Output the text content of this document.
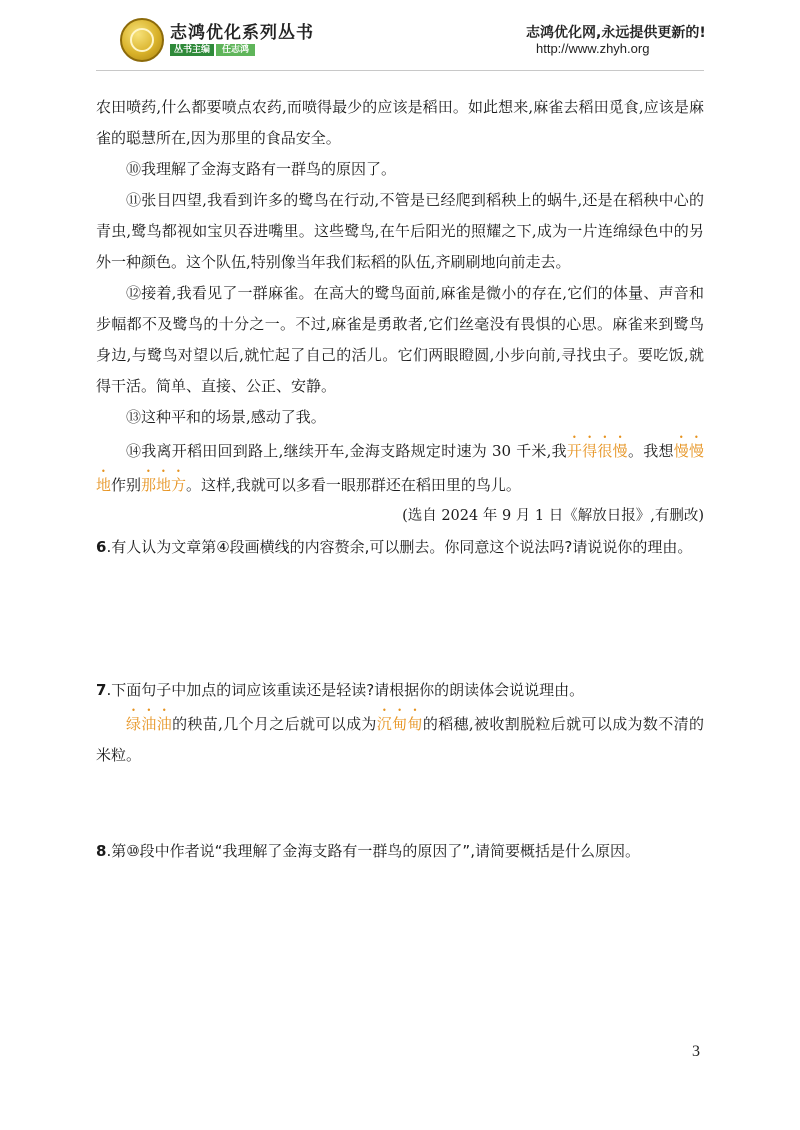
志鸿优化系列丛书
丛书主编 任志鸿
志鸿优化网,永远提供更新的!
http://www.zhyh.org

农田喷药,什么都要喷点农药,而喷得最少的应该是稻田。如此想来,麻雀去稻田觅食,应该是麻雀的聪慧所在,因为那里的食品安全。

⑩我理解了金海支路有一群鸟的原因了。

⑪张目四望,我看到许多的鹭鸟在行动,不管是已经爬到稻秧上的蜗牛,还是在稻秧中心的青虫,鹭鸟都视如宝贝吞进嘴里。这些鹭鸟,在午后阳光的照耀之下,成为一片连绵绿色中的另外一种颜色。这个队伍,特别像当年我们耘稻的队伍,齐刷刷地向前走去。

⑫接着,我看见了一群麻雀。在高大的鹭鸟面前,麻雀是微小的存在,它们的体量、声音和步幅都不及鹭鸟的十分之一。不过,麻雀是勇敢者,它们丝毫没有畏惧的心思。麻雀来到鹭鸟身边,与鹭鸟对望以后,就忙起了自己的活儿。它们两眼瞪圆,小步向前,寻找虫子。要吃饭,就得干活。简单、直接、公正、安静。

⑬这种平和的场景,感动了我。

⑭我离开稻田回到路上,继续开车,金海支路规定时速为 30 千米,我开得很慢。我想慢慢地作别那地方。这样,我就可以多看一眼那群还在稻田里的鸟儿。

(选自 2024 年 9 月 1 日《解放日报》,有删改)

6.有人认为文章第④段画横线的内容赘余,可以删去。你同意这个说法吗?请说说你的理由。

7.下面句子中加点的词应该重读还是轻读?请根据你的朗读体会说说理由。

绿油油的秧苗,几个月之后就可以成为沉甸甸的稻穗,被收割脱粒后就可以成为数不清的米粒。

8.第⑩段中作者说“我理解了金海支路有一群鸟的原因了”,请简要概括是什么原因。

3
